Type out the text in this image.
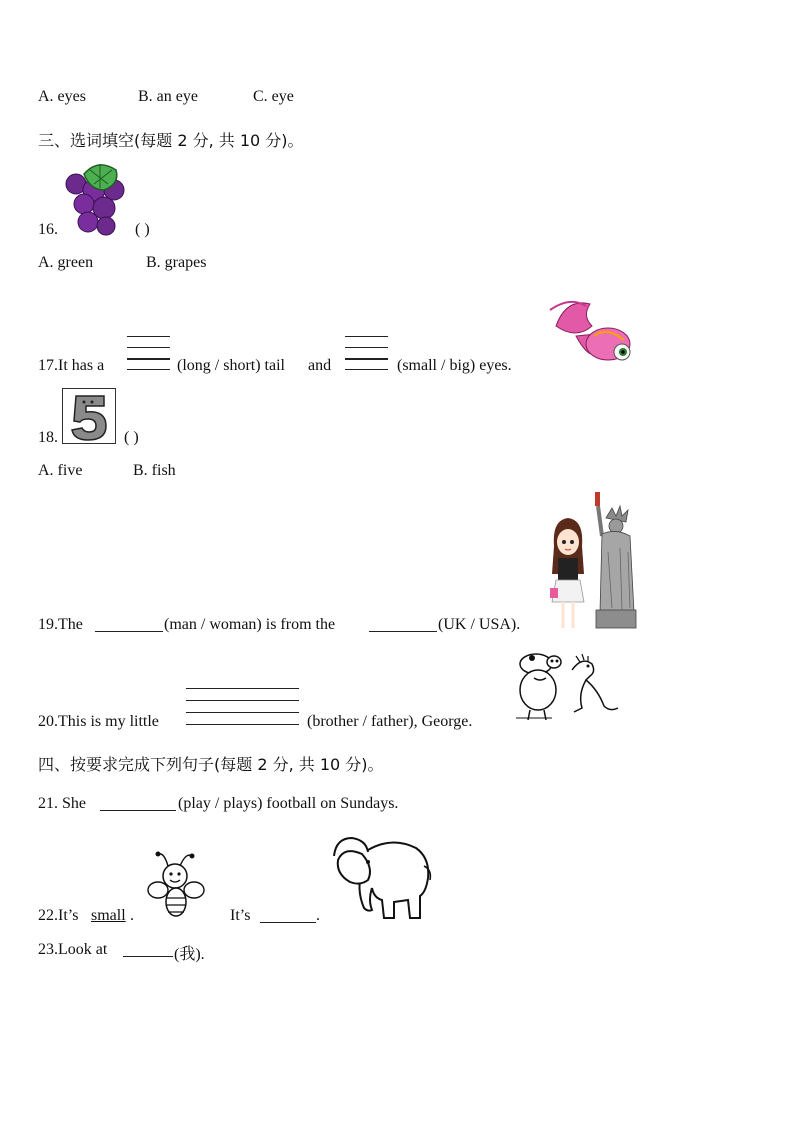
A. eyes	B. an eye	C. eye
三、选词填空(每题 2 分, 共 10 分)。
16.	( )
A. green	B. grapes
17.It has a	(long / short) tail and	(small / big) eyes.
18.	( )
A. five	B. fish
19.The	(man / woman) is from the	(UK / USA).
20.This is my little	(brother / father), George.
四、按要求完成下列句子(每题 2 分, 共 10 分)。
21. She	(play / plays) football on Sundays.
22.It’s small .	It’s	.
23.Look at	(我).
